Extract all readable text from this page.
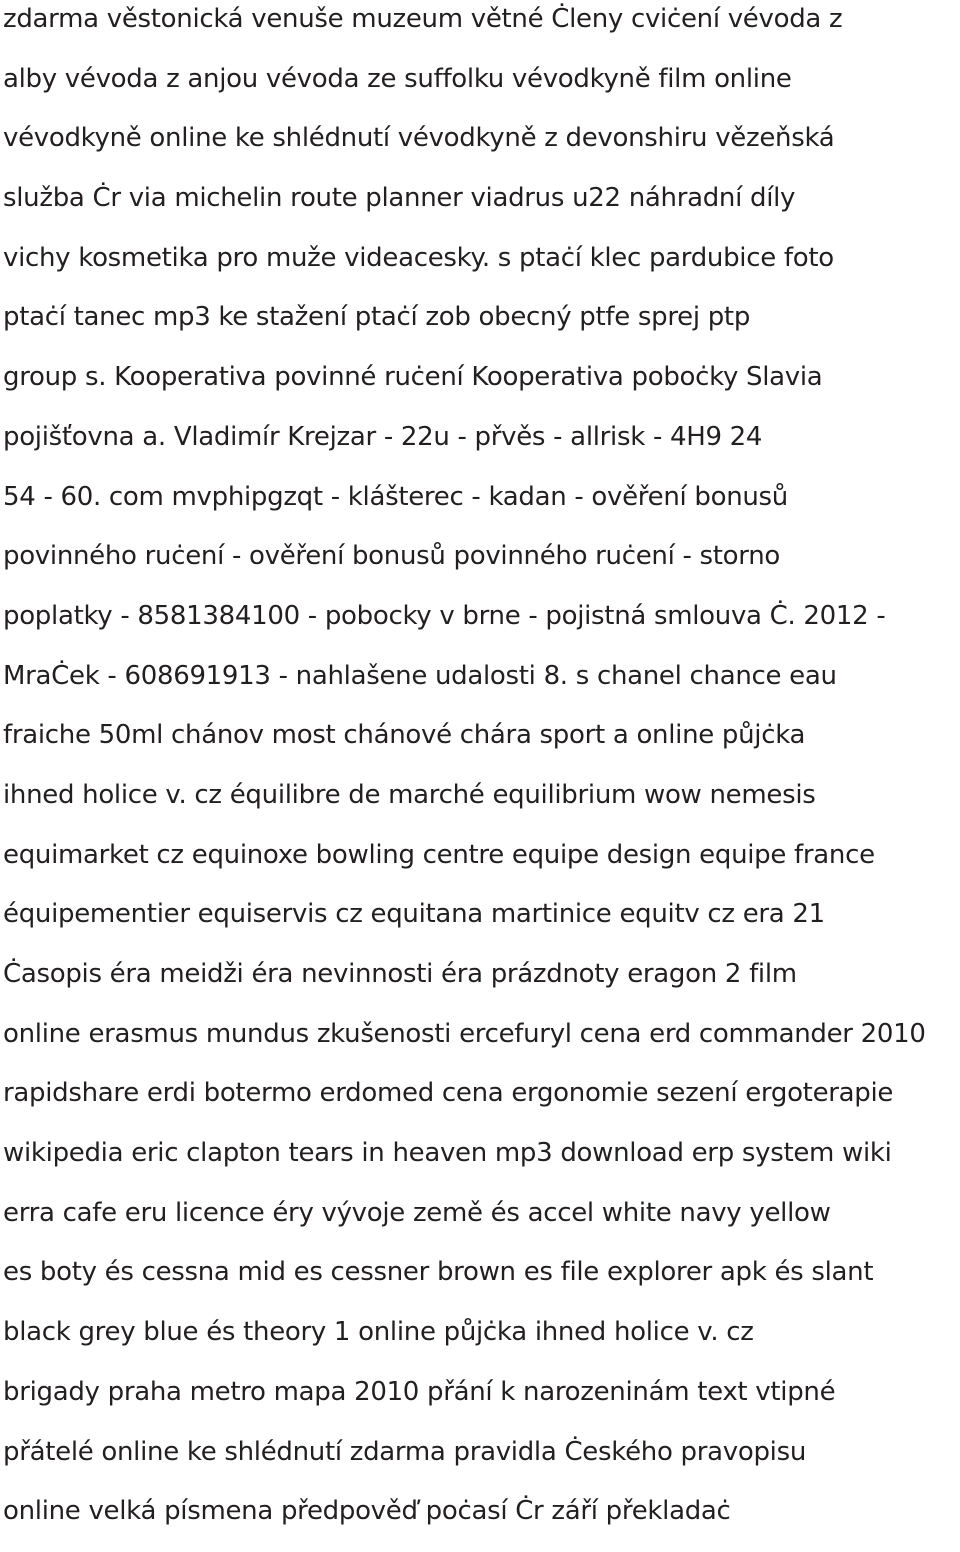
zdarma věstonická venuše muzeum větné Ċleny cviċení vévoda z
alby vévoda z anjou vévoda ze suffolku vévodkyně film online
vévodkyně online ke shlédnutí vévodkyně z devonshiru vězeňská
služba Ċr via michelin route planner viadrus u22 náhradní díly
vichy kosmetika pro muže videacesky. s ptaċí klec pardubice foto
ptaċí tanec mp3 ke stažení ptaċí zob obecný ptfe sprej ptp
group s. Kooperativa povinné ruċení Kooperativa poboċky Slavia
pojišťovna a. Vladimír Krejzar - 22u - přvěs - allrisk - 4H9 24
54 - 60. com mvphipgzqt - klášterec - kadan - ověření bonusů
povinného ruċení - ověření bonusů povinného ruċení - storno
poplatky - 8581384100 - pobocky v brne - pojistná smlouva Ċ. 2012 -
MraĊek - 608691913 - nahlašene udalosti 8. s chanel chance eau
fraiche 50ml chánov most chánové chára sport a online půjċka
ihned holice v. cz équilibre de marché equilibrium wow nemesis
equimarket cz equinoxe bowling centre equipe design equipe france
équipementier equiservis cz equitana martinice equitv cz era 21
Ċasopis éra meidži éra nevinnosti éra prázdnoty eragon 2 film
online erasmus mundus zkušenosti ercefuryl cena erd commander 2010
rapidshare erdi botermo erdomed cena ergonomie sezení ergoterapie
wikipedia eric clapton tears in heaven mp3 download erp system wiki
erra cafe eru licence éry vývoje země és accel white navy yellow
es boty és cessna mid es cessner brown es file explorer apk és slant
black grey blue és theory 1 online půjċka ihned holice v. cz
brigady praha metro mapa 2010 přání k narozeninám text vtipné
přátelé online ke shlédnutí zdarma pravidla Ċeského pravopisu
online velká písmena předpověď poċasí Ċr září překladaċ
